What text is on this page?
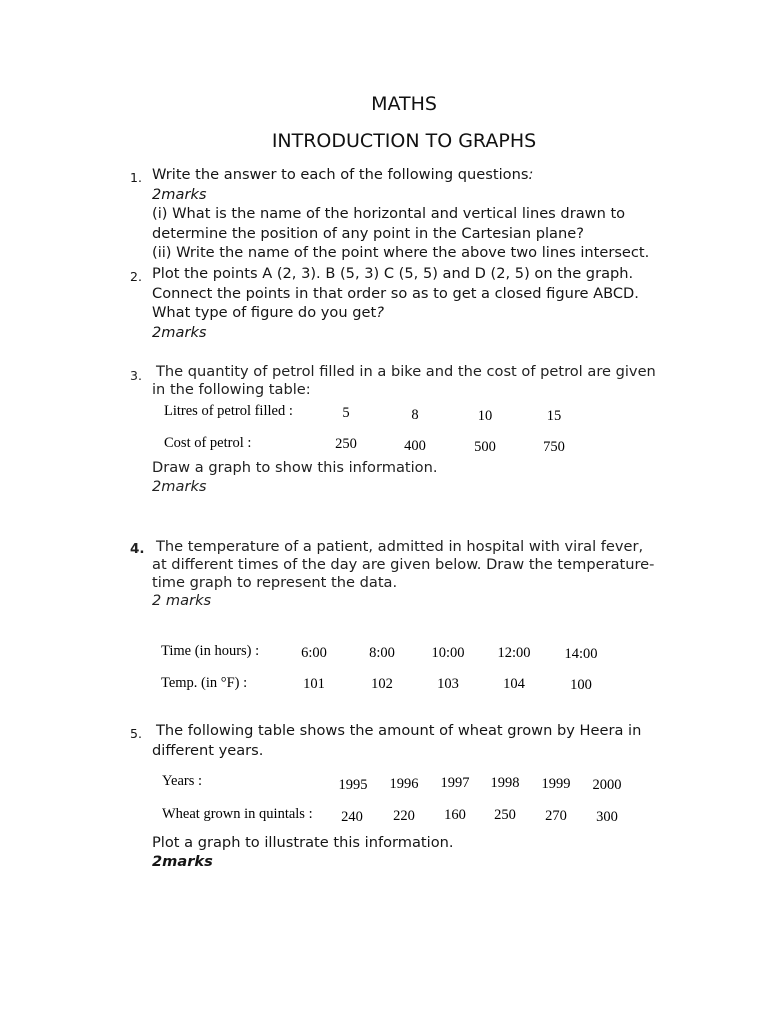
MATHS
INTRODUCTION TO GRAPHS
1. Write the answer to each of the following questions:
2marks
(i) What is the name of the horizontal and vertical lines drawn to
determine the position of any point in the Cartesian plane?
(ii) Write the name of the point where the above two lines intersect.
2. Plot the points A (2, 3). B (5, 3) C (5, 5) and D (2, 5) on the graph.
Connect the points in that order so as to get a closed figure ABCD.
What type of figure do you get?
2marks
3. The quantity of petrol filled in a bike and the cost of petrol are given
in the following table:
Litres of petrol filled :	5	8	10	15
Cost of petrol :	250	400	500	750
Draw a graph to show this information.
2marks
4. The temperature of a patient, admitted in hospital with viral fever,
at different times of the day are given below. Draw the temperature-
time graph to represent the data.
2 marks
Time (in hours) :	6:00	8:00	10:00	12:00	14:00
Temp. (in °F) :	101	102	103	104	100
5. The following table shows the amount of wheat grown by Heera in
different years.
Years :	1995	1996	1997	1998	1999	2000
Wheat grown in quintals :	240	220	160	250	270	300
Plot a graph to illustrate this information.
2marks
